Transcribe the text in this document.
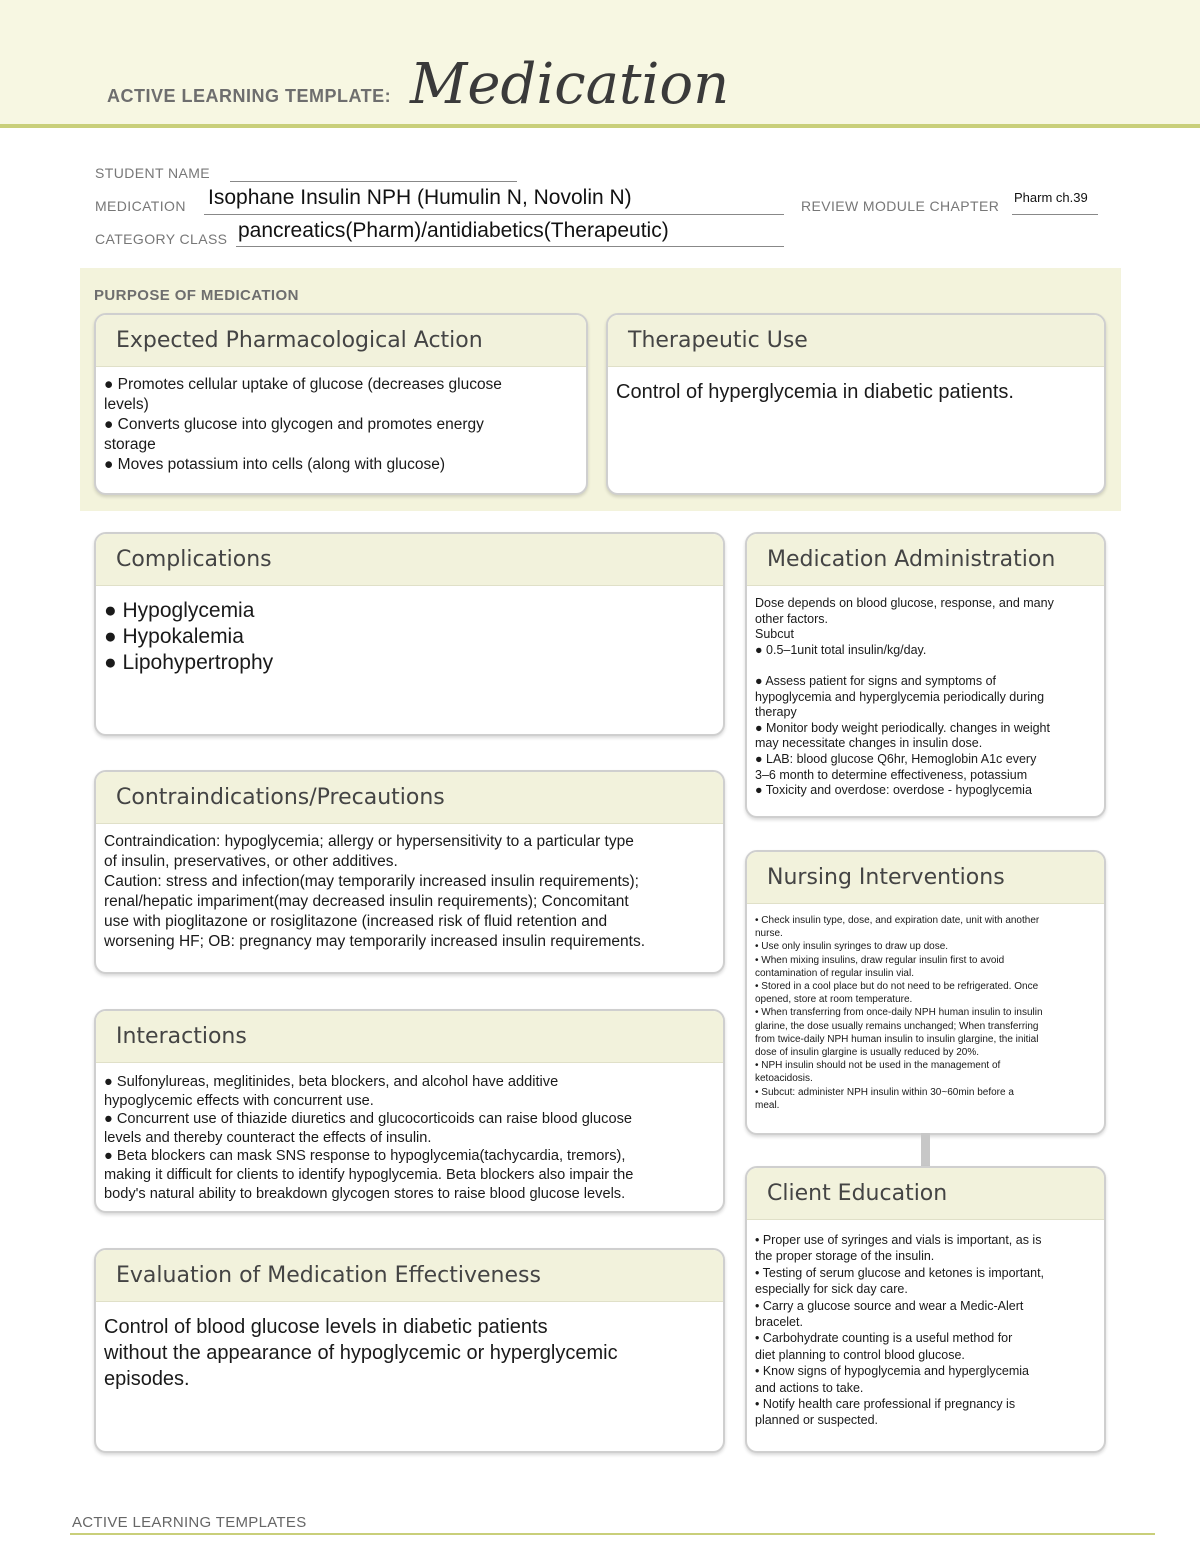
ACTIVE LEARNING TEMPLATE: Medication
STUDENT NAME
MEDICATION Isophane Insulin NPH (Humulin N, Novolin N)	REVIEW MODULE CHAPTER
Pharm ch.39
CATEGORY CLASS pancreatics(Pharm)/antidiabetics(Therapeutic)
PURPOSE OF MEDICATION
Expected Pharmacological Action
● Promotes cellular uptake of glucose (decreases glucose
levels)
● Converts glucose into glycogen and promotes energy
storage
● Moves potassium into cells (along with glucose)
Therapeutic Use
Control of hyperglycemia in diabetic patients.
Complications
● Hypoglycemia
● Hypokalemia
● Lipohypertrophy
Medication Administration
Dose depends on blood glucose, response, and many
other factors.
Subcut
● 0.5–1unit total insulin/kg/day.
● Assess patient for signs and symptoms of
hypoglycemia and hyperglycemia periodically during
therapy
● Monitor body weight periodically. changes in weight
may necessitate changes in insulin dose.
● LAB: blood glucose Q6hr, Hemoglobin A1c every
3–6 month to determine effectiveness, potassium
● Toxicity and overdose: overdose - hypoglycemia
Contraindications/Precautions
Contraindication: hypoglycemia; allergy or hypersensitivity to a particular type
of insulin, preservatives, or other additives.
Caution: stress and infection(may temporarily increased insulin requirements);
renal/hepatic impariment(may decreased insulin requirements); Concomitant
use with pioglitazone or rosiglitazone (increased risk of fluid retention and
worsening HF; OB: pregnancy may temporarily increased insulin requirements.
Nursing Interventions
• Check insulin type, dose, and expiration date, unit with another
nurse.
• Use only insulin syringes to draw up dose.
• When mixing insulins, draw regular insulin first to avoid
contamination of regular insulin vial.
• Stored in a cool place but do not need to be refrigerated. Once
opened, store at room temperature.
• When transferring from once-daily NPH human insulin to insulin
glarine, the dose usually remains unchanged; When transferring
from twice-daily NPH human insulin to insulin glargine, the initial
dose of insulin glargine is usually reduced by 20%.
• NPH insulin should not be used in the management of
ketoacidosis.
• Subcut: administer NPH insulin within 30~60min before a
meal.
Interactions
● Sulfonylureas, meglitinides, beta blockers, and alcohol have additive
hypoglycemic effects with concurrent use.
● Concurrent use of thiazide diuretics and glucocorticoids can raise blood glucose
levels and thereby counteract the effects of insulin.
● Beta blockers can mask SNS response to hypoglycemia(tachycardia, tremors),
making it difficult for clients to identify hypoglycemia. Beta blockers also impair the
body's natural ability to breakdown glycogen stores to raise blood glucose levels.	Client Education
• Proper use of syringes and vials is important, as is
the proper storage of the insulin.
• Testing of serum glucose and ketones is important,
especially for sick day care.
• Carry a glucose source and wear a Medic-Alert
bracelet.
• Carbohydrate counting is a useful method for
diet planning to control blood glucose.
• Know signs of hypoglycemia and hyperglycemia
and actions to take.
• Notify health care professional if pregnancy is
planned or suspected.
Evaluation of Medication Effectiveness
Control of blood glucose levels in diabetic patients
without the appearance of hypoglycemic or hyperglycemic
episodes.
ACTIVE LEARNING TEMPLATES
